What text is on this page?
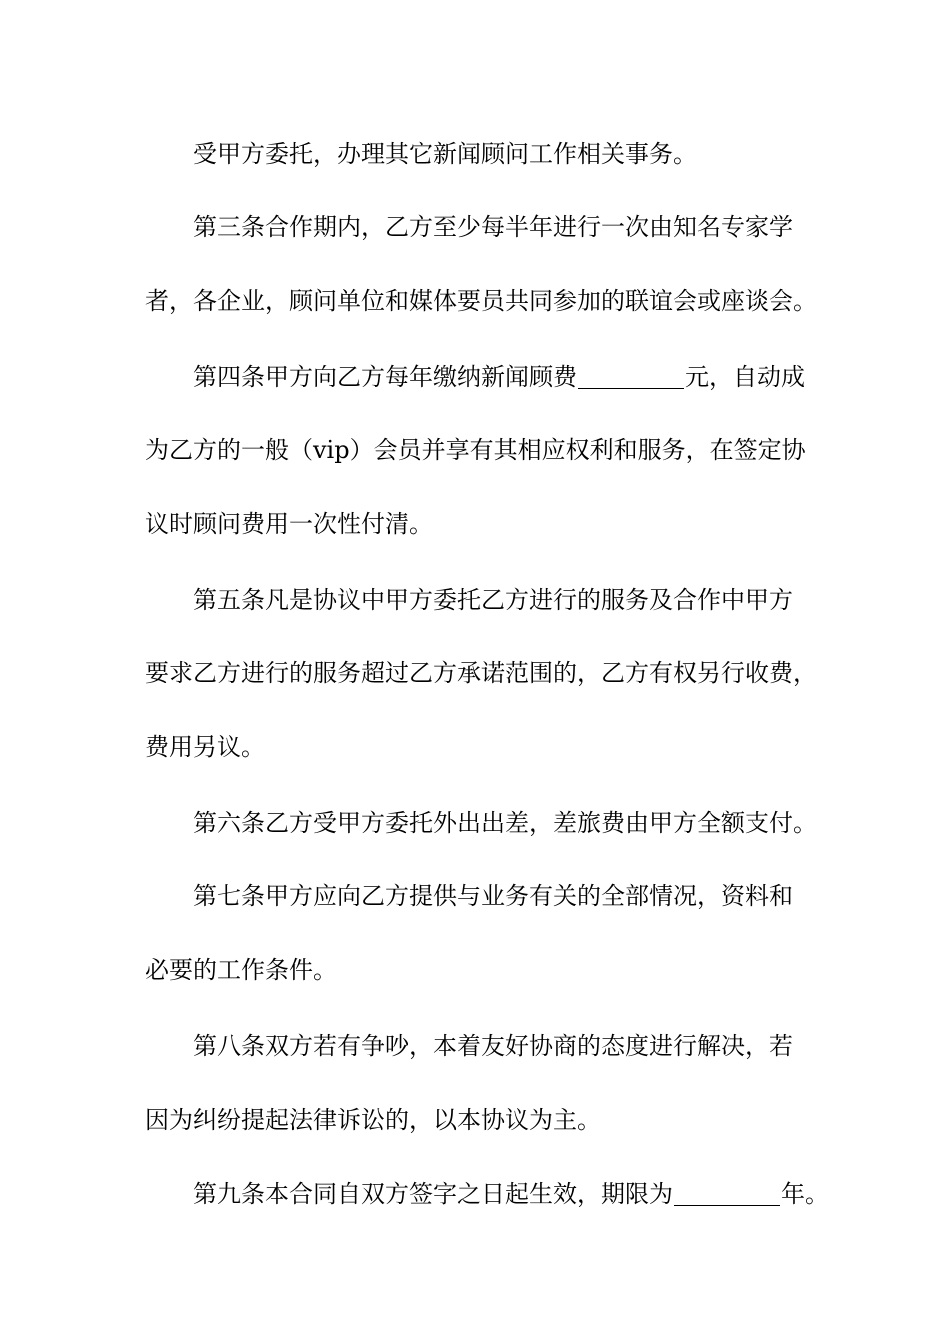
受甲方委托，办理其它新闻顾问工作相关事务。
第三条合作期内，乙方至少每半年进行一次由知名专家学
者，各企业，顾问单位和媒体要员共同参加的联谊会或座谈会。
第四条甲方向乙方每年缴纳新闻顾费	元，自动成
为乙方的一般（vip）会员并享有其相应权利和服务，在签定协
议时顾问费用一次性付清。
第五条凡是协议中甲方委托乙方进行的服务及合作中甲方
要求乙方进行的服务超过乙方承诺范围的，乙方有权另行收费，
费用另议。
第六条乙方受甲方委托外出出差，差旅费由甲方全额支付。
第七条甲方应向乙方提供与业务有关的全部情况，资料和
必要的工作条件。
第八条双方若有争吵，本着友好协商的态度进行解决，若
因为纠纷提起法律诉讼的，以本协议为主。
第九条本合同自双方签字之日起生效，期限为	年。
